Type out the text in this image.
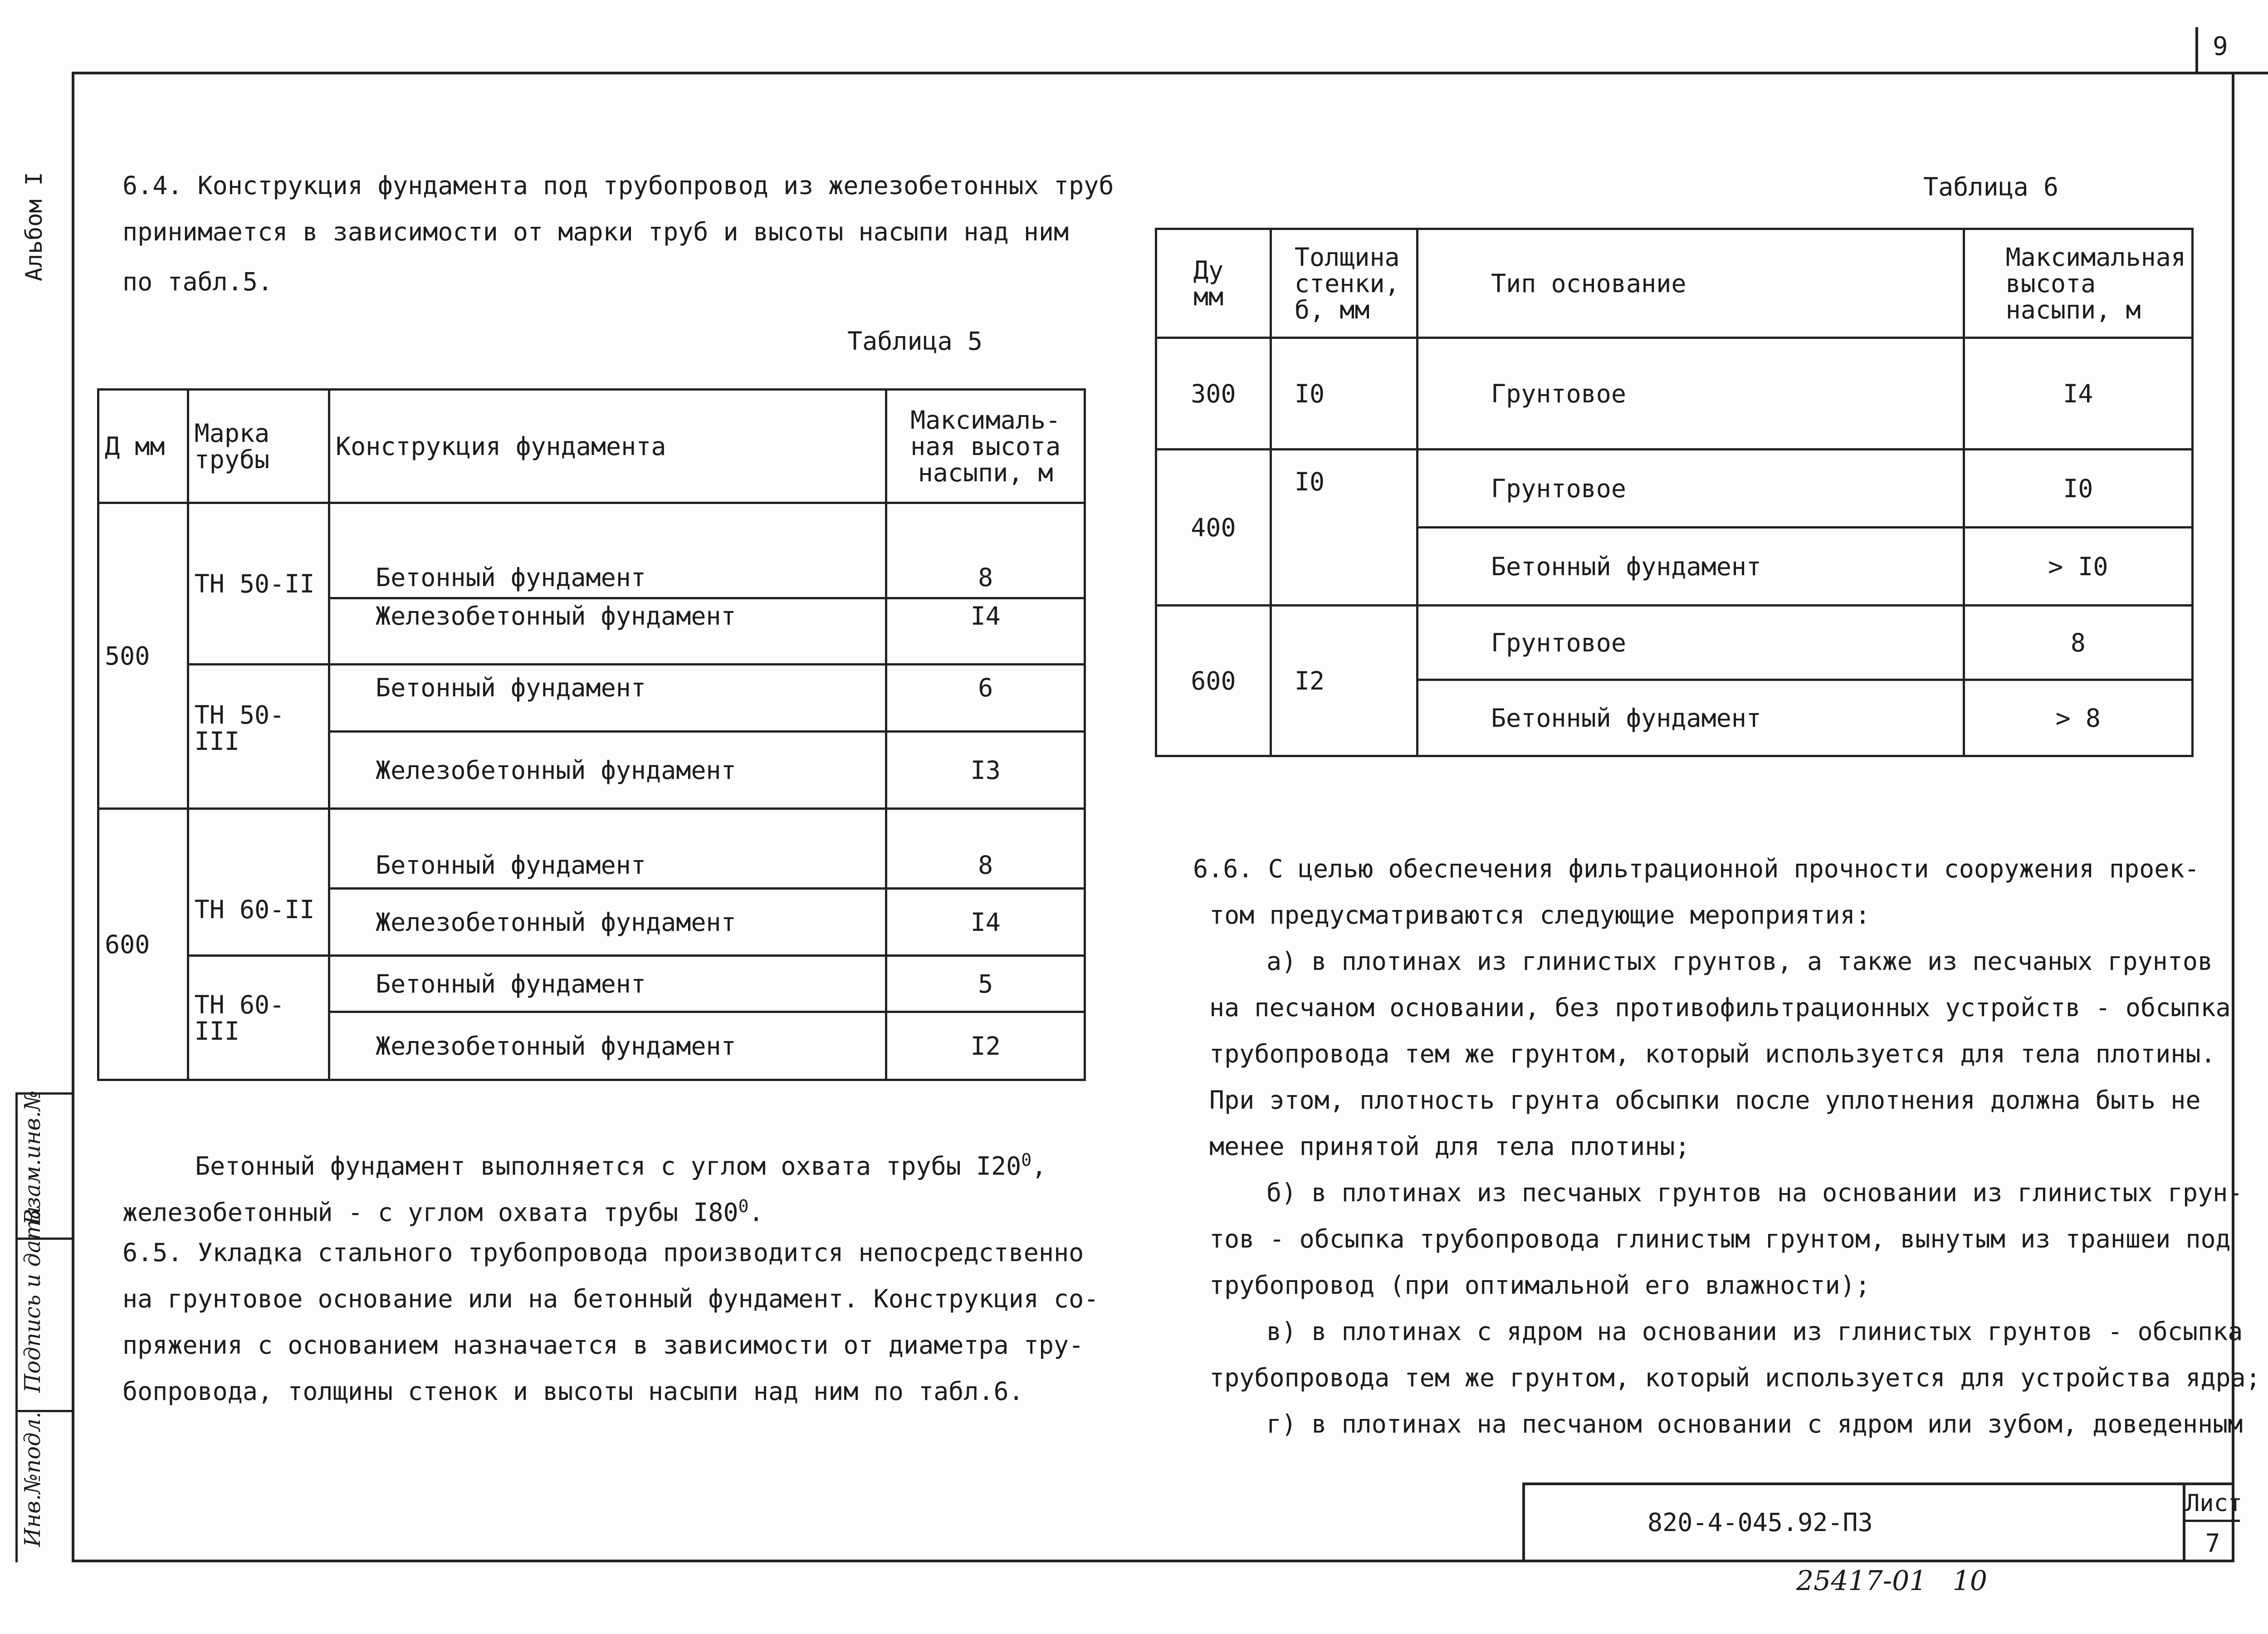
9
Альбом I
Инв.№подл.
Подпись и дата
Взам.инв.№
6.4. Конструкция фундамента под трубопровод из железобетонных труб
принимается в зависимости от марки труб и высоты насыпи над ним
по табл.5.
Таблица 5
Д мм	Марка трубы	Конструкция фундамента	Максималь-ная высота насыпи, м
500	ТН 50-II	Бетонный фундамент	8
		Железобетонный фундамент	I4
	ТН 50-III	Бетонный фундамент	6
		Железобетонный фундамент	I3
600	ТН 60-II	Бетонный фундамент	8
		Железобетонный фундамент	I4
	ТН 60-III	Бетонный фундамент	5
		Железобетонный фундамент	I2
Бетонный фундамент выполняется с углом охвата трубы $I20^0$,
железобетонный - с углом охвата трубы $I80^0$.
6.5. Укладка стального трубопровода производится непосредственно
на грунтовое основание или на бетонный фундамент. Конструкция со-
пряжения с основанием назначается в зависимости от диаметра тру-
бопровода, толщины стенок и высоты насыпи над ним по табл.6.
Таблица 6
Ду мм	Толщина стенки, б, мм	Тип основание	Максимальная высота насыпи, м
300	I0	Грунтовое	I4
400	I0	Грунтовое	I0
		Бетонный фундамент	> I0
600	I2	Грунтовое	8
		Бетонный фундамент	> 8
6.6. С целью обеспечения фильтрационной прочности сооружения проек-
том предусматриваются следующие мероприятия:
а) в плотинах из глинистых грунтов, а также из песчаных грунтов
на песчаном основании, без противофильтрационных устройств - обсыпка
трубопровода тем же грунтом, который используется для тела плотины.
При этом, плотность грунта обсыпки после уплотнения должна быть не
менее принятой для тела плотины;
б) в плотинах из песчаных грунтов на основании из глинистых грун-
тов - обсыпка трубопровода глинистым грунтом, вынутым из траншеи под
трубопровод (при оптимальной его влажности);
в) в плотинах с ядром на основании из глинистых грунтов - обсыпка
трубопровода тем же грунтом, который используется для устройства ядра;
г) в плотинах на песчаном основании с ядром или зубом, доведенным
820-4-045.92-ПЗ
Лист
7
25417-01   10
